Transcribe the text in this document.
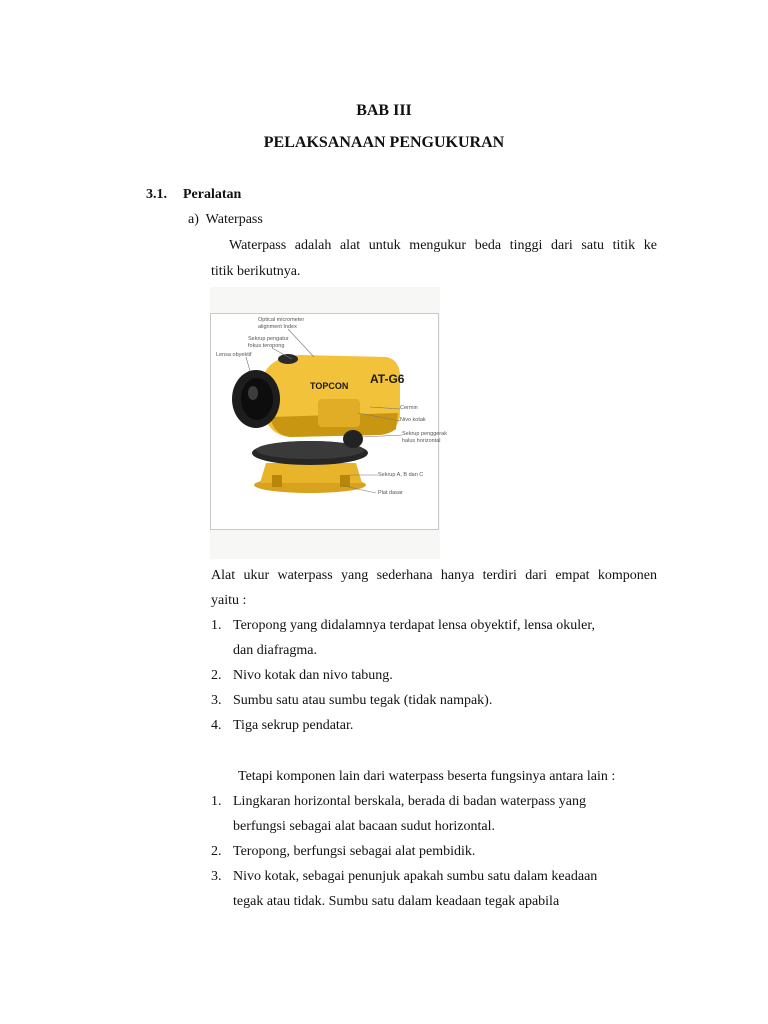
BAB III
PELAKSANAAN PENGUKURAN
3.1. Peralatan
a) Waterpass
Waterpass adalah alat untuk mengukur beda tinggi dari satu titik ke
titik berikutnya.
TOPCON AT-G6
Optical micrometer
alignment Index
Sekrup pengatur
fokus teropong
Lensa obyektif
Cermin
Nivo kotak
Sekrup penggerak
halus horizontal
Sekrup A, B dan C
Plat dasar
Alat ukur waterpass yang sederhana hanya terdiri dari empat komponen
yaitu :
1. Teropong yang didalamnya terdapat lensa obyektif, lensa okuler,
dan diafragma.
2. Nivo kotak dan nivo tabung.
3. Sumbu satu atau sumbu tegak (tidak nampak).
4. Tiga sekrup pendatar.
Tetapi komponen lain dari waterpass beserta fungsinya antara lain :
1. Lingkaran horizontal berskala, berada di badan waterpass yang
berfungsi sebagai alat bacaan sudut horizontal.
2. Teropong, berfungsi sebagai alat pembidik.
3. Nivo kotak, sebagai penunjuk apakah sumbu satu dalam keadaan
tegak atau tidak. Sumbu satu dalam keadaan tegak apabila
